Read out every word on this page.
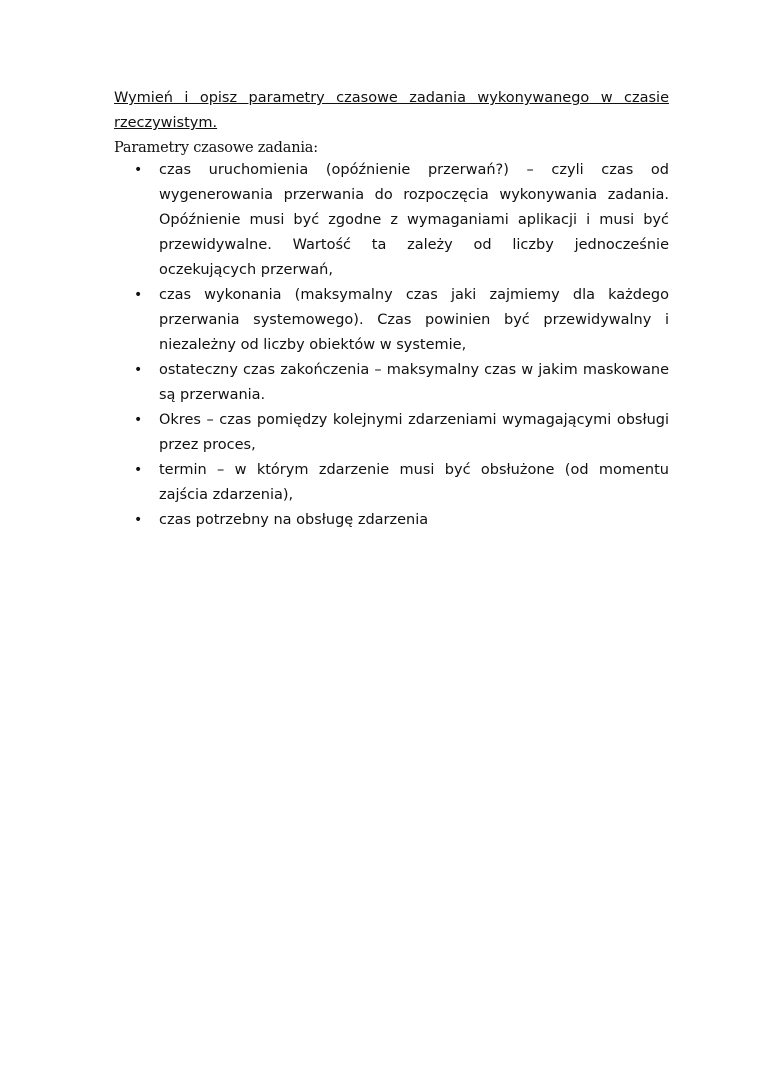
Wymień i opisz parametry czasowe zadania wykonywanego w czasie rzeczywistym.

Parametry czasowe zadania:

• czas uruchomienia (opóźnienie przerwań?) – czyli czas od wygenerowania przerwania do rozpoczęcia wykonywania zadania. Opóźnienie musi być zgodne z wymaganiami aplikacji i musi być przewidywalne. Wartość ta zależy od liczby jednocześnie oczekujących przerwań,
• czas wykonania (maksymalny czas jaki zajmiemy dla każdego przerwania systemowego). Czas powinien być przewidywalny i niezależny od liczby obiektów w systemie,
• ostateczny czas zakończenia – maksymalny czas w jakim maskowane są przerwania.
• Okres – czas pomiędzy kolejnymi zdarzeniami wymagającymi obsługi przez proces,
• termin – w którym zdarzenie musi być obsłużone (od momentu zajścia zdarzenia),
• czas potrzebny na obsługę zdarzenia
